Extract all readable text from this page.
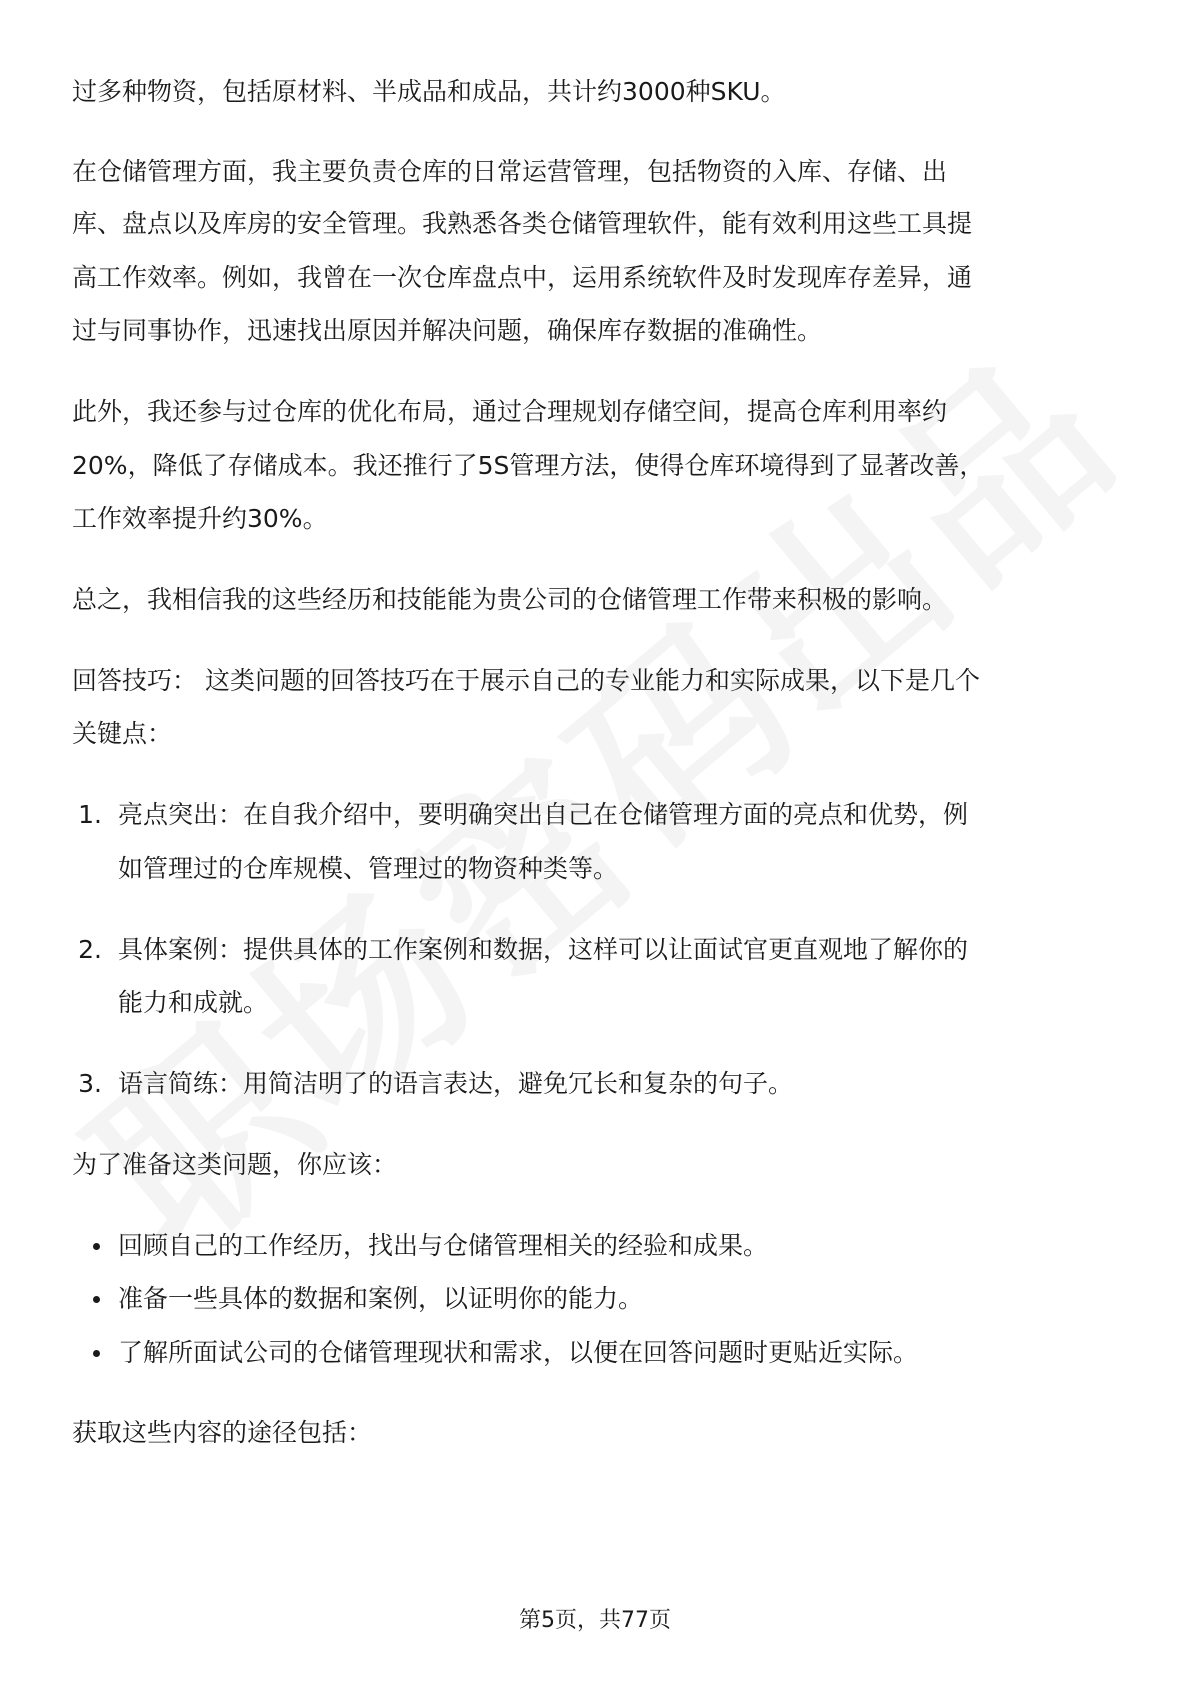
过多种物资，包括原材料、半成品和成品，共计约3000种SKU。

在仓储管理方面，我主要负责仓库的日常运营管理，包括物资的入库、存储、出

库、盘点以及库房的安全管理。我熟悉各类仓储管理软件，能有效利用这些工具提

高工作效率。例如，我曾在一次仓库盘点中，运用系统软件及时发现库存差异，通

过与同事协作，迅速找出原因并解决问题，确保库存数据的准确性。

此外，我还参与过仓库的优化布局，通过合理规划存储空间，提高仓库利用率约

20%，降低了存储成本。我还推行了5S管理方法，使得仓库环境得到了显著改善，

工作效率提升约30%。

总之，我相信我的这些经历和技能能为贵公司的仓储管理工作带来积极的影响。

回答技巧： 这类问题的回答技巧在于展示自己的专业能力和实际成果，以下是几个

关键点：

1. 亮点突出：在自我介绍中，要明确突出自己在仓储管理方面的亮点和优势，例

如管理过的仓库规模、管理过的物资种类等。

2. 具体案例：提供具体的工作案例和数据，这样可以让面试官更直观地了解你的

能力和成就。

3. 语言简练：用简洁明了的语言表达，避免冗长和复杂的句子。

为了准备这类问题，你应该：

回顾自己的工作经历，找出与仓储管理相关的经验和成果。

准备一些具体的数据和案例，以证明你的能力。

了解所面试公司的仓储管理现状和需求，以便在回答问题时更贴近实际。

获取这些内容的途径包括：

第5页，共77页
